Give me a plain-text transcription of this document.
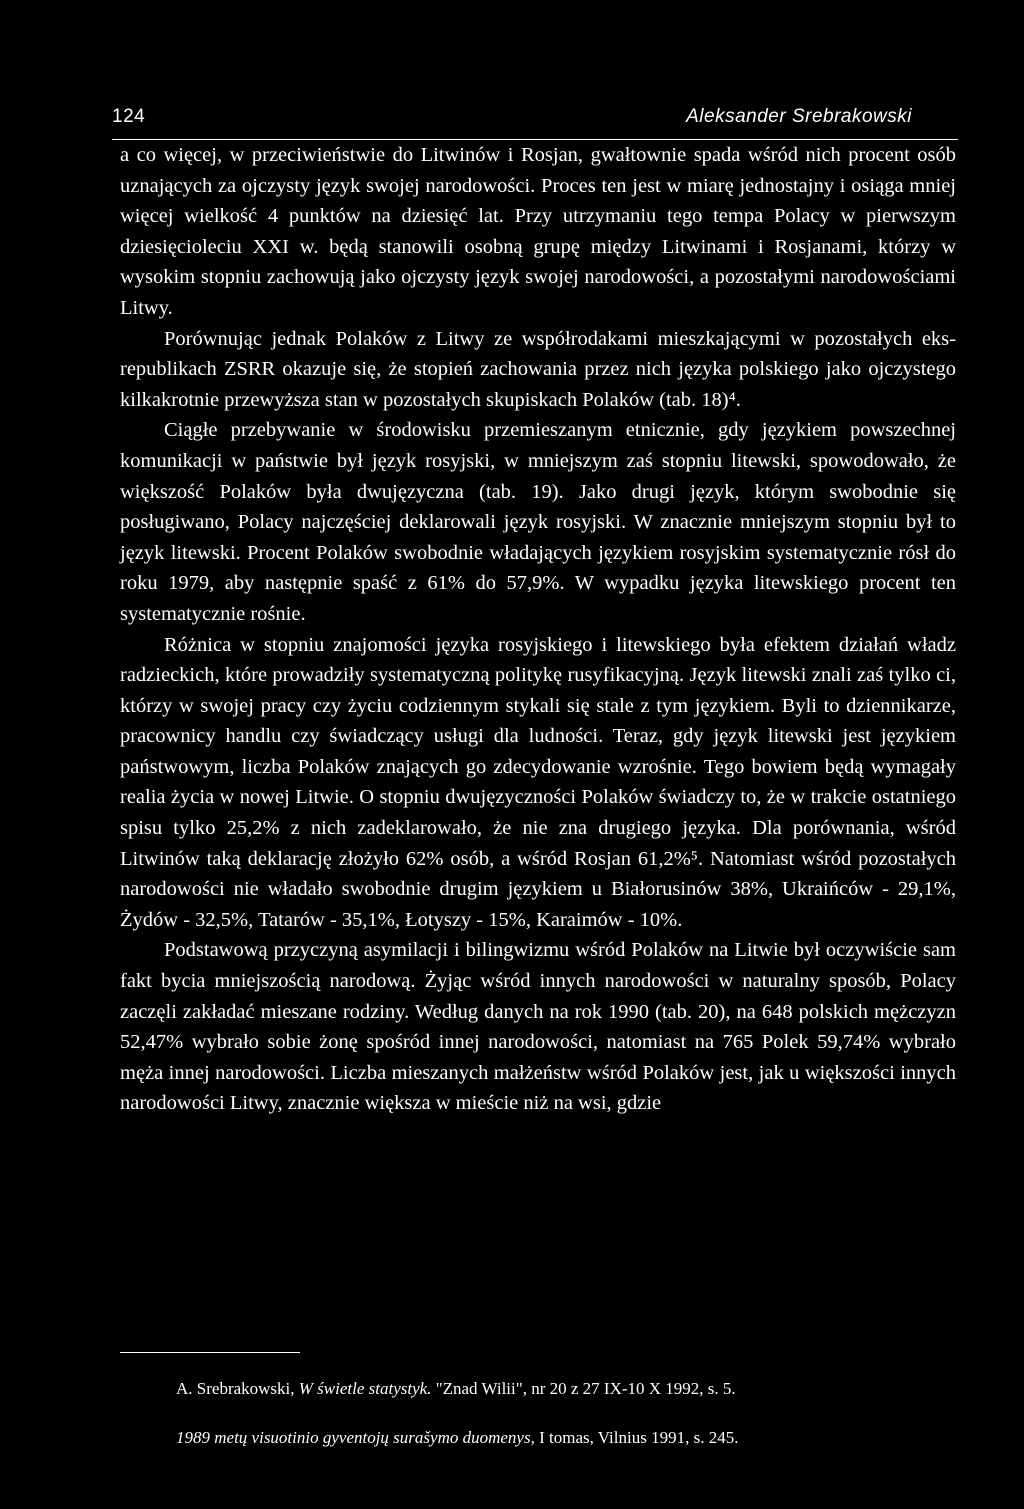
124	Aleksander Srebrakowski

a co więcej, w przeciwieństwie do Litwinów i Rosjan, gwałtownie spada wśród nich procent osób uznających za ojczysty język swojej narodowości. Proces ten jest w miarę jednostajny i osiąga mniej więcej wielkość 4 punktów na dziesięć lat. Przy utrzymaniu tego tempa Polacy w pierwszym dziesięcioleciu XXI w. będą stanowili osobną grupę między Litwinami i Rosjanami, którzy w wysokim stopniu zachowują jako ojczysty język swojej narodowości, a pozostałymi narodowościami Litwy.

Porównując jednak Polaków z Litwy ze współrodakami mieszkającymi w pozostałych eks-republikach ZSRR okazuje się, że stopień zachowania przez nich języka polskiego jako ojczystego kilkakrotnie przewyższa stan w pozostałych skupiskach Polaków (tab. 18)⁴.

Ciągłe przebywanie w środowisku przemieszanym etnicznie, gdy językiem powszechnej komunikacji w państwie był język rosyjski, w mniejszym zaś stopniu litewski, spowodowało, że większość Polaków była dwujęzyczna (tab. 19). Jako drugi język, którym swobodnie się posługiwano, Polacy najczęściej deklarowali język rosyjski. W znacznie mniejszym stopniu był to język litewski. Procent Polaków swobodnie władających językiem rosyjskim systematycznie rósł do roku 1979, aby następnie spaść z 61% do 57,9%. W wypadku języka litewskiego procent ten systematycznie rośnie.

Różnica w stopniu znajomości języka rosyjskiego i litewskiego była efektem działań władz radzieckich, które prowadziły systematyczną politykę rusyfikacyjną. Język litewski znali zaś tylko ci, którzy w swojej pracy czy życiu codziennym stykali się stale z tym językiem. Byli to dziennikarze, pracownicy handlu czy świadczący usługi dla ludności. Teraz, gdy język litewski jest językiem państwowym, liczba Polaków znających go zdecydowanie wzrośnie. Tego bowiem będą wymagały realia życia w nowej Litwie. O stopniu dwujęzyczności Polaków świadczy to, że w trakcie ostatniego spisu tylko 25,2% z nich zadeklarowało, że nie zna drugiego języka. Dla porównania, wśród Litwinów taką deklarację złożyło 62% osób, a wśród Rosjan 61,2%⁵. Natomiast wśród pozostałych narodowości nie władało swobodnie drugim językiem u Białorusinów 38%, Ukraińców - 29,1%, Żydów - 32,5%, Tatarów - 35,1%, Łotyszy - 15%, Karaimów - 10%.

Podstawową przyczyną asymilacji i bilingwizmu wśród Polaków na Litwie był oczywiście sam fakt bycia mniejszością narodową. Żyjąc wśród innych narodowości w naturalny sposób, Polacy zaczęli zakładać mieszane rodziny. Według danych na rok 1990 (tab. 20), na 648 polskich mężczyzn 52,47% wybrało sobie żonę spośród innej narodowości, natomiast na 765 Polek 59,74% wybrało męża innej narodowości. Liczba mieszanych małżeństw wśród Polaków jest, jak u większości innych narodowości Litwy, znacznie większa w mieście niż na wsi, gdzie

A. Srebrakowski, W świetle statystyk. "Znad Wilii", nr 20 z 27 IX-10 X 1992, s. 5.
1989 metų visuotinio gyventojų surašymo duomenys, I tomas, Vilnius 1991, s. 245.
